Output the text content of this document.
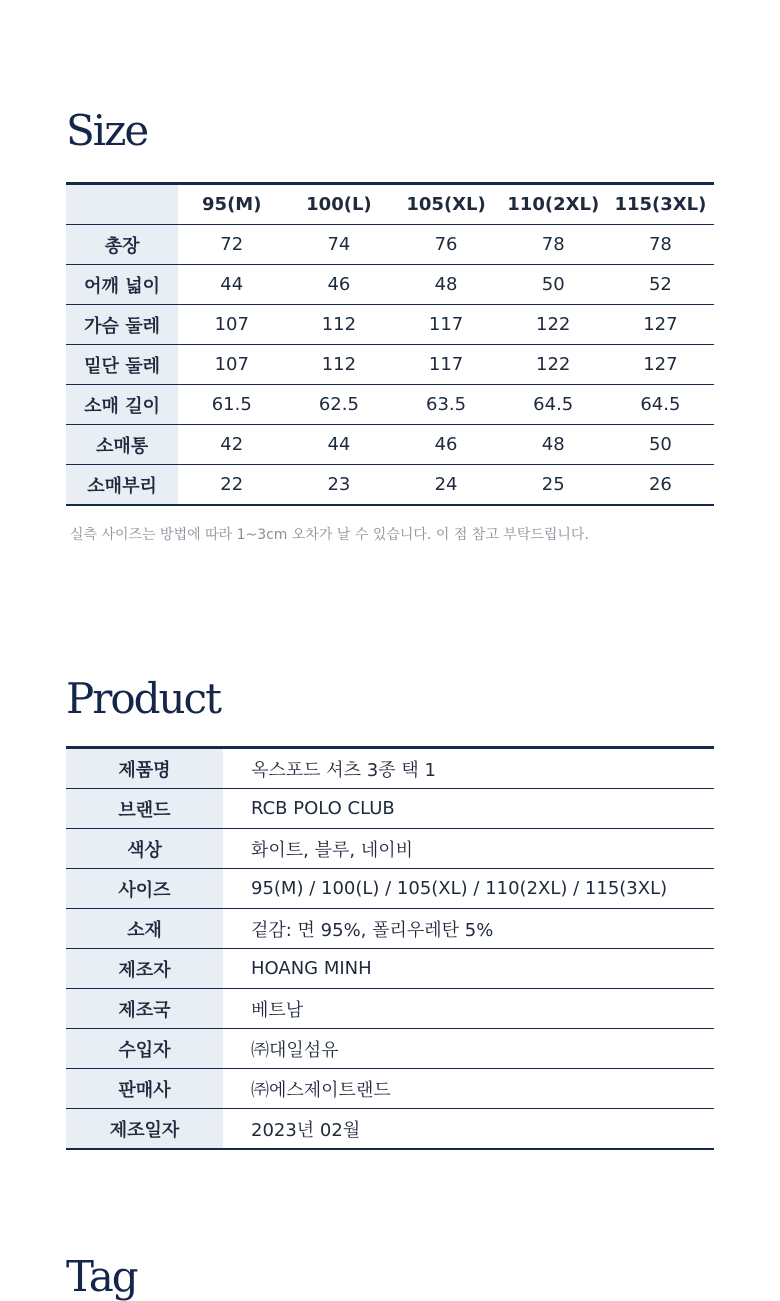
Size
	95(M)	100(L)	105(XL)	110(2XL)	115(3XL)
총장	72	74	76	78	78
어깨 넓이	44	46	48	50	52
가슴 둘레	107	112	117	122	127
밑단 둘레	107	112	117	122	127
소매 길이	61.5	62.5	63.5	64.5	64.5
소매통	42	44	46	48	50
소매부리	22	23	24	25	26
실측 사이즈는 방법에 따라 1~3cm 오차가 날 수 있습니다. 이 점 참고 부탁드립니다.
Product
제품명	옥스포드 셔츠 3종 택 1
브랜드	RCB POLO CLUB
색상	화이트, 블루, 네이비
사이즈	95(M) / 100(L) / 105(XL) / 110(2XL) / 115(3XL)
소재	겉감: 면 95%, 폴리우레탄 5%
제조자	HOANG MINH
제조국	베트남
수입자	㈜대일섬유
판매사	㈜에스제이트랜드
제조일자	2023년 02월
Tag
